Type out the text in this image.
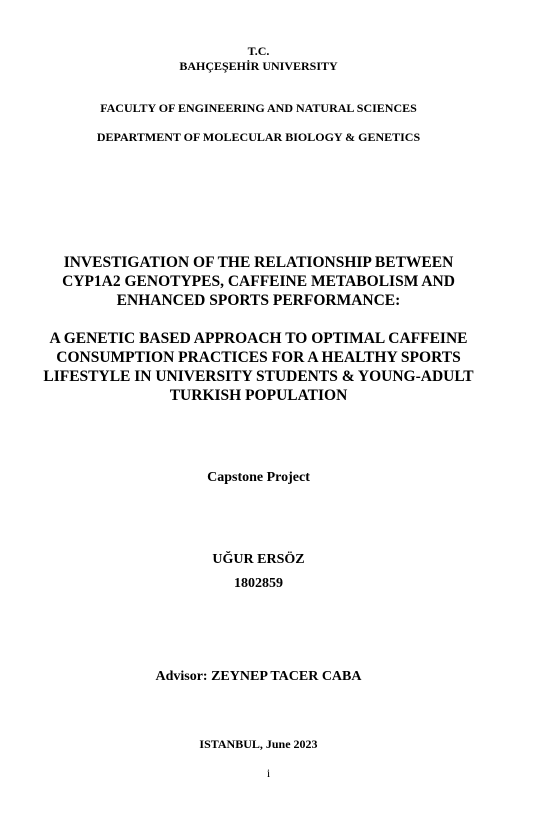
T.C.
BAHÇEŞEHİR UNIVERSITY
FACULTY OF ENGINEERING AND NATURAL SCIENCES
DEPARTMENT OF MOLECULAR BIOLOGY & GENETICS
INVESTIGATION OF THE RELATIONSHIP BETWEEN
CYP1A2 GENOTYPES, CAFFEINE METABOLISM AND
ENHANCED SPORTS PERFORMANCE:
A GENETIC BASED APPROACH TO OPTIMAL CAFFEINE
CONSUMPTION PRACTICES FOR A HEALTHY SPORTS
LIFESTYLE IN UNIVERSITY STUDENTS & YOUNG-ADULT
TURKISH POPULATION
Capstone Project
UĞUR ERSÖZ
1802859
Advisor: ZEYNEP TACER CABA
ISTANBUL, June 2023
i
